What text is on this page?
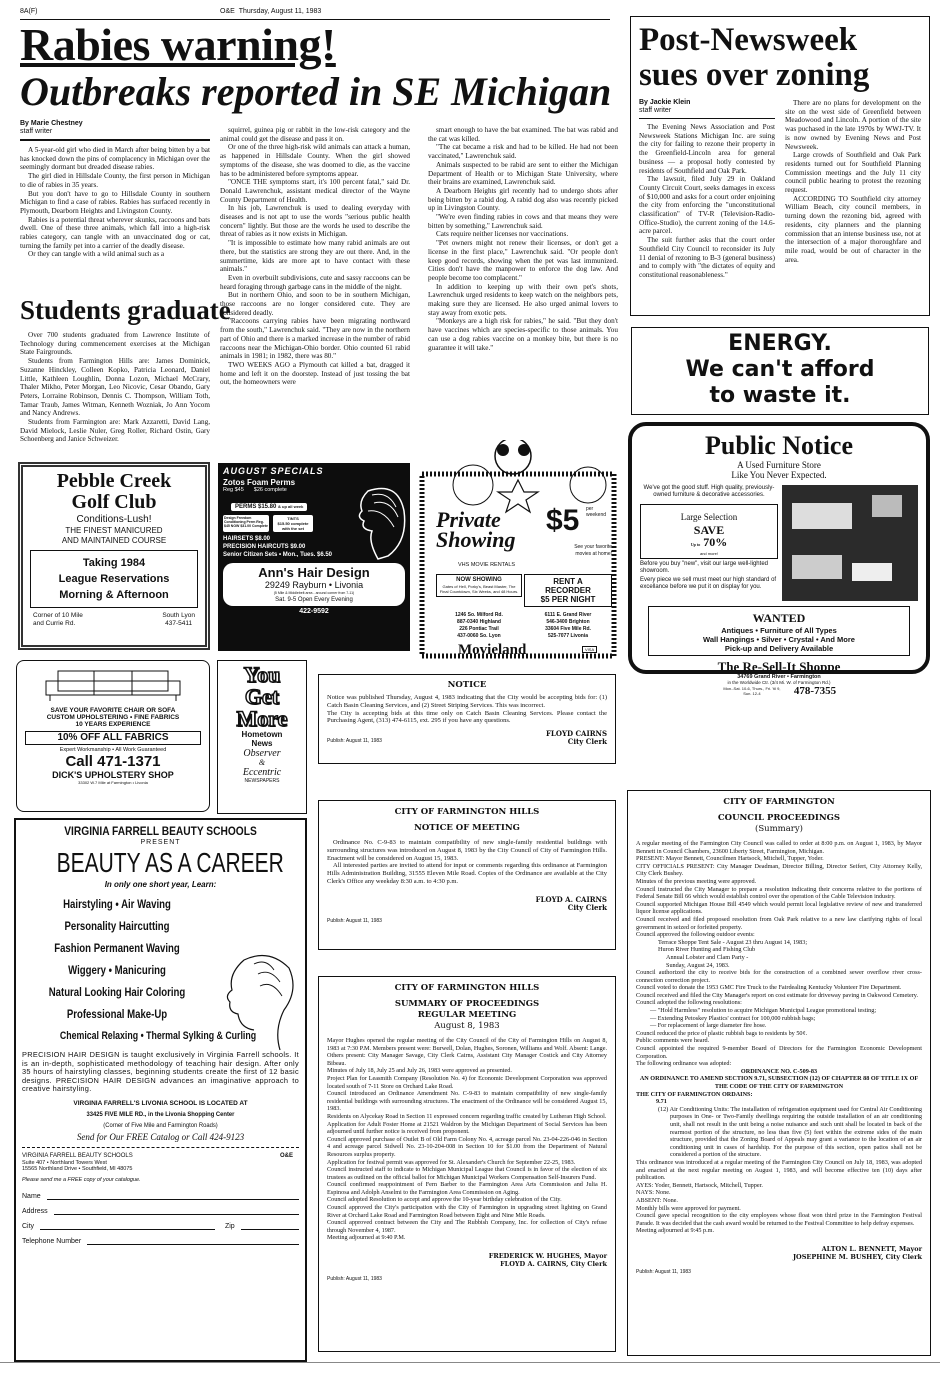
8A(F)	O&E Thursday, August 11, 1983
Rabies warning!
Outbreaks reported in SE Michigan
By Marie Chestney
staff writer

A 5-year-old girl who died in March after being bitten by a bat has knocked down the pins of complacency in Michigan over the seemingly dormant but dreaded disease rabies.

The girl died in Hillsdale County, the first person in Michigan to die of rabies in 35 years.

But you don't have to go to Hillsdale County in southern Michigan to find a case of rabies. Rabies has surfaced recently in Plymouth, Dearborn Heights and Livingston County.

Rabies is a potential threat wherever skunks, raccoons and bats dwell. One of these three animals, which fall into a high-risk rabies category, can tangle with an unvaccinated dog or cat, turning the family pet into a carrier of the deadly disease.

Or they can tangle with a wild animal such as a

squirrel, guinea pig or rabbit in the low-risk category and the animal could get the disease and pass it on.

Or one of the three high-risk wild animals can attack a human, as happened in Hillsdale County. When the girl showed symptoms of the disease, she was doomed to die, as the vaccine has to be administered before symptoms appear.

"ONCE THE symptoms start, it's 100 percent fatal," said Dr. Donald Lawrenchuk, assistant medical director of the Wayne County Department of Health.

In his job, Lawrenchuk is used to dealing everyday with diseases and is not apt to use the words "serious public health concern" lightly. But those are the words he used to describe the threat of rabies as it now exists in Michigan.

"It is impossible to estimate how many rabid animals are out there, but the statistics are strong they are out there. And, in the summertime, kids are more apt to have contact with these animals."

Even in overbuilt subdivisions, cute and sassy raccoons can be heard foraging through garbage cans in the middle of the night.

But in northern Ohio, and soon to be in southern Michigan, those raccoons are no longer considered cute. They are considered deadly.

"Raccoons carrying rabies have been migrating northward from the south," Lawrenchuk said. "They are now in the northern part of Ohio and there is a marked increase in the number of rabid raccoons near the Michigan-Ohio border. Ohio counted 61 rabid animals in 1981; in 1982, there was 80."

TWO WEEKS AGO a Plymouth cat killed a bat, dragged it home and left it on the doorstep. Instead of just tossing the bat out, the homeowners were

smart enough to have the bat examined. The bat was rabid and the cat was killed.

"The cat became a risk and had to be killed. He had not been vaccinated," Lawrenchuk said.

Animals suspected to be rabid are sent to either the Michigan Department of Health or to Michigan State University, where their brains are examined, Lawrenchuk said.

A Dearborn Heights girl recently had to undergo shots after being bitten by a rabid dog. A rabid dog also was recently picked up in Livingston County.

"We're even finding rabies in cows and that means they were bitten by something," Lawrenchuk said.

Cats require neither licenses nor vaccinations.

"Pet owners might not renew their licenses, or don't get a license in the first place," Lawrenchuk said. "Or people don't keep good records, showing when the pet was last immunized. Cities don't have the manpower to enforce the dog law. And people become too complacent."

In addition to keeping up with their own pet's shots, Lawrenchuk urged residents to keep watch on the neighbors pets, making sure they are licensed. He also urged animal lovers to stay away from exotic pets.

"Monkeys are a high risk for rabies," he said. "But they don't have vaccines which are species-specific to those animals. You can use a dog rabies vaccine on a monkey bite, but there is no guarantee it will take."

Students graduate

Over 700 students graduated from Lawrence Institute of Technology during commencement exercises at the Michigan State Fairgrounds.

Students from Farmington Hills are: James Dominick, Suzanne Hinckley, Colleen Kopko, Patricia Leonard, Daniel Little, Kathleen Loughlin, Donna Lozon, Michael McCrary, Thaler Mikho, Peter Morgan, Leo Nicovic, Cesar Obando, Gary Peters, Lorraine Robinson, Dennis C. Thompson, William Toth, Tamar Traub, James Witman, Kenneth Wozniak, Jo Ann Yocom and Nancy Andrews.

Students from Farmington are: Mark Azzaretti, David Lang, David Mielock, Leslie Nuler, Greg Roller, Richard Ostin, Gary Schoenberg and Janice Schweizer.

Post-Newsweek
sues over zoning
By Jackie Klein
staff writer

The Evening News Association and Post Newsweek Stations Michigan Inc. are suing the city for failing to rezone their property in the Greenfield-Lincoln area for general business — a proposal hotly contested by residents of Southfield and Oak Park.

The lawsuit, filed July 29 in Oakland County Circuit Court, seeks damages in excess of $10,000 and asks for a court order enjoining the city from enforcing the "unconstitutional classification" of TV-R (Television-Radio-Office-Studio), the current zoning of the 14.6-acre parcel.

The suit further asks that the court order Southfield City Council to reconsider its July 11 denial of rezoning to B-3 (general business) and to comply with "the dictates of equity and constitutional reasonableness."

There are no plans for development on the site on the west side of Greenfield between Meadowood and Lincoln. A portion of the site was puchased in the late 1970s by WWJ-TV. It is now owned by Evening News and Post Newsweek.

Large crowds of Southfield and Oak Park residents turned out for Southfield Planning Commission meetings and the July 11 city council public hearing to protest the rezoning request.

ACCORDING TO Southfield city attorney William Beach, city council members, in turning down the rezoning bid, agreed with residents, city planners and the planning commission that an intense business use, not at the intersection of a major thoroughfare and mile road, would be out of character in the area.

ENERGY.
We can't afford
to waste it.
Pebble Creek
Golf Club
Conditions-Lush!
THE FINEST MANICURED
AND MAINTAINED COURSE
Taking 1984
League Reservations
Morning & Afternoon
Corner of 10 Mile
and Currie Rd.
South Lyon
437-5411
AUGUST SPECIALS
Zotos Foam Perms
Reg $45 $26 complete
PERMS $15.80 & up all week
Design Freedom Conditioning Perm Reg. $45 NOW $31.00 Complete
TINTS
$15.50 complete with the set
HAIRSETS $8.00
PRECISION HAIRCUTS $9.00
Senior Citizen Sets • Mon., Tues. $6.50
Ann's Hair Design
29249 Rayburn • Livonia
(5 Mile & Middlebelt area - around corner from 7-11)
Sat. 9-5 Open Every Evening
422-9592
Private
Showing
$5 per weekend
VHS MOVIE RENTALS
See your favorite movies at home!
NOW SHOWING
Gates of Hell, Porky's, Beast Master, The Final Countdown, Six Weeks, and 48 Hours.
RENT A
RECORDER
$5 PER NIGHT

1246 So. Milford Rd.

887-0340 Highland

226 Pontiac Trail

437-0060 So. Lyon

6111 E. Grand River

546-3400 Brighton

33604 Five Mile Rd.

525-7077 Livonia

Movieland	VISA
Public Notice
A Used Furniture Store
Like You Never Expected.
We've got the good stuff. High quality, previously-owned furniture & decorative accessories.
Large Selection
SAVE
Up to 70%
and more!
Before you buy "new", visit our large well-lighted showroom.
Every piece we sell must meet our high standard of excellance before we put it on display for you.
WANTED
Antiques • Furniture of All Types
Wall Hangings • Silver • Crystal • And More
Pick-up and Delivery Available
The Re-Sell-It Shoppe
34769 Grand River • Farmington
in the Worldwide Ctr. (3/4 Mi. W. of Farmington Rd.)
Mon.-Sat. 10-6, Thurs., Fri. 'til 9, Sun. 12-4	478-7355
SAVE YOUR FAVORITE CHAIR OR SOFA
CUSTOM UPHOLSTERING • FINE FABRICS
10 YEARS EXPERIENCE
10% OFF ALL FABRICS
Expert Workmanship • All Work Guaranteed
Call 471-1371
DICK'S UPHOLSTERY SHOP
33302 W.7 Mile at Farmington • Livonia
You
Get
More
Hometown
News
Observer
&
Eccentric
NEWSPAPERS
NOTICE
Notice was published Thursday, August 4, 1983 indicating that the City would be accepting bids for: (1) Catch Basin Cleaning Services, and (2) Street Striping Services. This was incorrect.
The City is accepting bids at this time only on Catch Basin Cleaning Services. Please contact the Purchasing Agent, (313) 474-6115, ext. 295 if you have any questions.
FLOYD CAIRNS
Publish: August 11, 1983	City Clerk
CITY OF FARMINGTON HILLS
NOTICE OF MEETING
Ordinance No. C-9-83 to maintain compatibility of new single-family residential buildings with surrounding structures was introduced on August 8, 1983 by the City Council of City of Farmington Hills. Enactment will be considered on August 15, 1983.
All interested parties are invited to attend for input or comments regarding this ordinance at Farmington Hills Administration Building, 31555 Eleven Mile Road. Copies of the Ordinance are available at the City Clerk's Office any weekday 8:30 a.m. to 4:30 p.m.
FLOYD A. CAIRNS
City Clerk
Publish: August 11, 1983
CITY OF FARMINGTON HILLS
SUMMARY OF PROCEEDINGS
REGULAR MEETING
August 8, 1983

Mayor Hughes opened the regular meeting of the City Council of the City of Farmington Hills on August 8, 1983 at 7:30 P.M. Members present were: Burwell, Dolan, Hughes, Soronen, Williams and Wolf. Absent: Lange. Others present: City Manager Savage, City Clerk Cairns, Assistant City Manager Costick and City Attorney Bibeau.

Minutes of July 18, July 25 and July 26, 1983 were approved as presented.

Project Plan for Leasmith Company (Resolution No. 4) for Economic Development Corporation was approved located south of 7-11 Store on Orchard Lake Road.

Council introduced an Ordinance Amendment No. C-9-83 to maintain compatibility of new single-family residential buildings with surrounding structures. The enactment of the Ordinance will be considered August 15, 1983.

Residents on Alycekay Road in Section 11 expressed concern regarding traffic created by Lutheran High School.

Application for Adult Foster Home at 21521 Waldron by the Michigan Department of Social Services has been adjourned until further notice is received from proponent.

Council approved purchase of Outlet B of Old Farm Colony No. 4, acreage parcel No. 23-04-226-046 in Section 4 and acreage parcel Sidwell No. 23-10-204-008 in Section 10 for $1.00 from the Department of Natural Resources surplus property.

Application for festival permit was approved for St. Alexander's Church for September 22-25, 1983.

Council instructed staff to indicate to Michigan Municipal League that Council is in favor of the election of six trustees as outlined on the official ballot for Michigan Municipal Workers Compensation Self-Insurers Fund.

Council confirmed reappointment of Fern Barber to the Farmington Area Arts Commission and Julia H. Espinosa and Adolph Anselmi to the Farmington Area Commission on Aging.

Council adopted Resolution to accept and approve the 10-year birthday celebration of the City.

Council approved the City's participation with the City of Farmington in upgrading street lighting on Grand River at Orchard Lake Road and Farmington Road between Eight and Nine Mile Roads.

Council approved contract between the City and The Rubbish Company, Inc. for collection of City's refuse through November 4, 1987.

Meeting adjourned at 9:40 P.M.

FREDERICK W. HUGHES, Mayor
FLOYD A. CAIRNS, City Clerk
Publish: August 11, 1983
CITY OF FARMINGTON
COUNCIL PROCEEDINGS
(Summary)
A regular meeting of the Farmington City Council was called to order at 8:00 p.m. on August 1, 1983, by Mayor Bennett in Council Chambers, 23600 Liberty Street, Farmington, Michigan.
PRESENT: Mayor Bennett, Councilmen Hartsock, Mitchell, Tupper, Yoder.
CITY OFFICIALS PRESENT: City Manager Deadman, Director Billing, Director Seifert, City Attorney Kelly, City Clerk Bushey.
Minutes of the previous meeting were approved.
Council instructed the City Manager to prepare a resolution indicating their concerns relative to the portions of Federal Senate Bill 66 which would establish control over the operation of the Cable Television industry.
Council supported Michigan House Bill 4549 which would permit local legislative review of new and transferred liquor license applications.
Council received and filed proposed resolution from Oak Park relative to a new law clarifying rights of local government in seized or forfeited property.
Council approved the following outdoor events:
Terrace Shoppe Tent Sale - August 23 thru August 14, 1983;
Huron River Hunting and Fishing Club
Annual Lobster and Clam Party -
Sunday, August 24, 1983.
Council authorized the city to receive bids for the construction of a combined sewer overflow river cross-connection correction project.
Council voted to donate the 1953 GMC Fire Truck to the Fairdealing Kentucky Volunteer Fire Department.
Council received and filed the City Manager's report on cost estimate for driveway paving in Oakwood Cemetery.
Council adopted the following resolutions:
— "Hold Harmless" resolution to acquire Michigan Municipal League promotional testing;
— Extending Petoskey Plastics' contract for 100,000 rubbish bags;
— For replacement of large diameter fire hose.
Council reduced the price of plastic rubbish bags to residents by 50¢.
Public comments were heard.
Council appointed the required 9-member Board of Directors for the Farmington Economic Development Corporation.
The following ordinance was adopted:
ORDINANCE NO. C-509-83
AN ORDINANCE TO AMEND SECTION 9.71, SUBSECTION (12) OF CHAPTER 88 OF TITLE IX OF THE CODE OF THE CITY OF FARMINGTON
THE CITY OF FARMINGTON ORDAINS:
9.71
(12) Air Conditioning Units: The installation of refrigeration equipment used for Central Air Conditioning purposes in One- or Two-Family dwellings requiring the outside installation of an air conditioning unit, shall not result in the unit being a noise nuisance and such unit shall be located in back of the rearmost portion of the structure, no less than five (5) feet within the extreme sides of the main structure, provided that the Zoning Board of Appeals may grant a variance to the location of an air conditioning unit in cases of hardship. For the purpose of this section, open patios shall not be considered a portion of the structure.
This ordinance was introduced at a regular meeting of the Farmington City Council on July 18, 1983, was adopted and enacted at the next regular meeting on August 1, 1983, and will become effective ten (10) days after publication.
AYES: Yoder, Bennett, Hartsock, Mitchell, Tupper.
NAYS: None.
ABSENT: None.
Monthly bills were approved for payment.
Council gave special recognition to the city employees whose float won third prize in the Farmington Festival Parade. It was decided that the cash award would be returned to the Festival Committee to help defray expenses.
Meeting adjourned at 9:45 p.m.
ALTON L. BENNETT, Mayor
JOSEPHINE M. BUSHEY, City Clerk
Publish: August 11, 1983
VIRGINIA FARRELL BEAUTY SCHOOLS
PRESENT
BEAUTY AS A CAREER
In only one short year, Learn:
Hairstyling • Air Waving
Personality Haircutting
Fashion Permanent Waving
Wiggery • Manicuring
Natural Looking Hair Coloring
Professional Make-Up
Chemical Relaxing • Thermal Sylking & Curling
PRECISION HAIR DESIGN is taught exclusively in Virginia Farrell schools. It is an in-depth, sophisticated methodology of teaching hair design. After only 35 hours of hairstyling classes, beginning students create the first of 12 basic designs. PRECISION HAIR DESIGN advances an imaginative approach to creative hairstyling.
VIRGINIA FARRELL'S LIVONIA SCHOOL IS LOCATED AT
33425 FIVE MILE RD., in the Livonia Shopping Center
(Corner of Five Mile and Farmington Roads)
Send for Our FREE Catalog or Call 424-9123
VIRGINIA FARRELL BEAUTY SCHOOLS	O&E
Suite 407 • Northland Towers West
15565 Northland Drive • Southfield, MI 48075
Please send me a FREE copy of your catalogue.
Name
Address
City	Zip
Telephone Number
